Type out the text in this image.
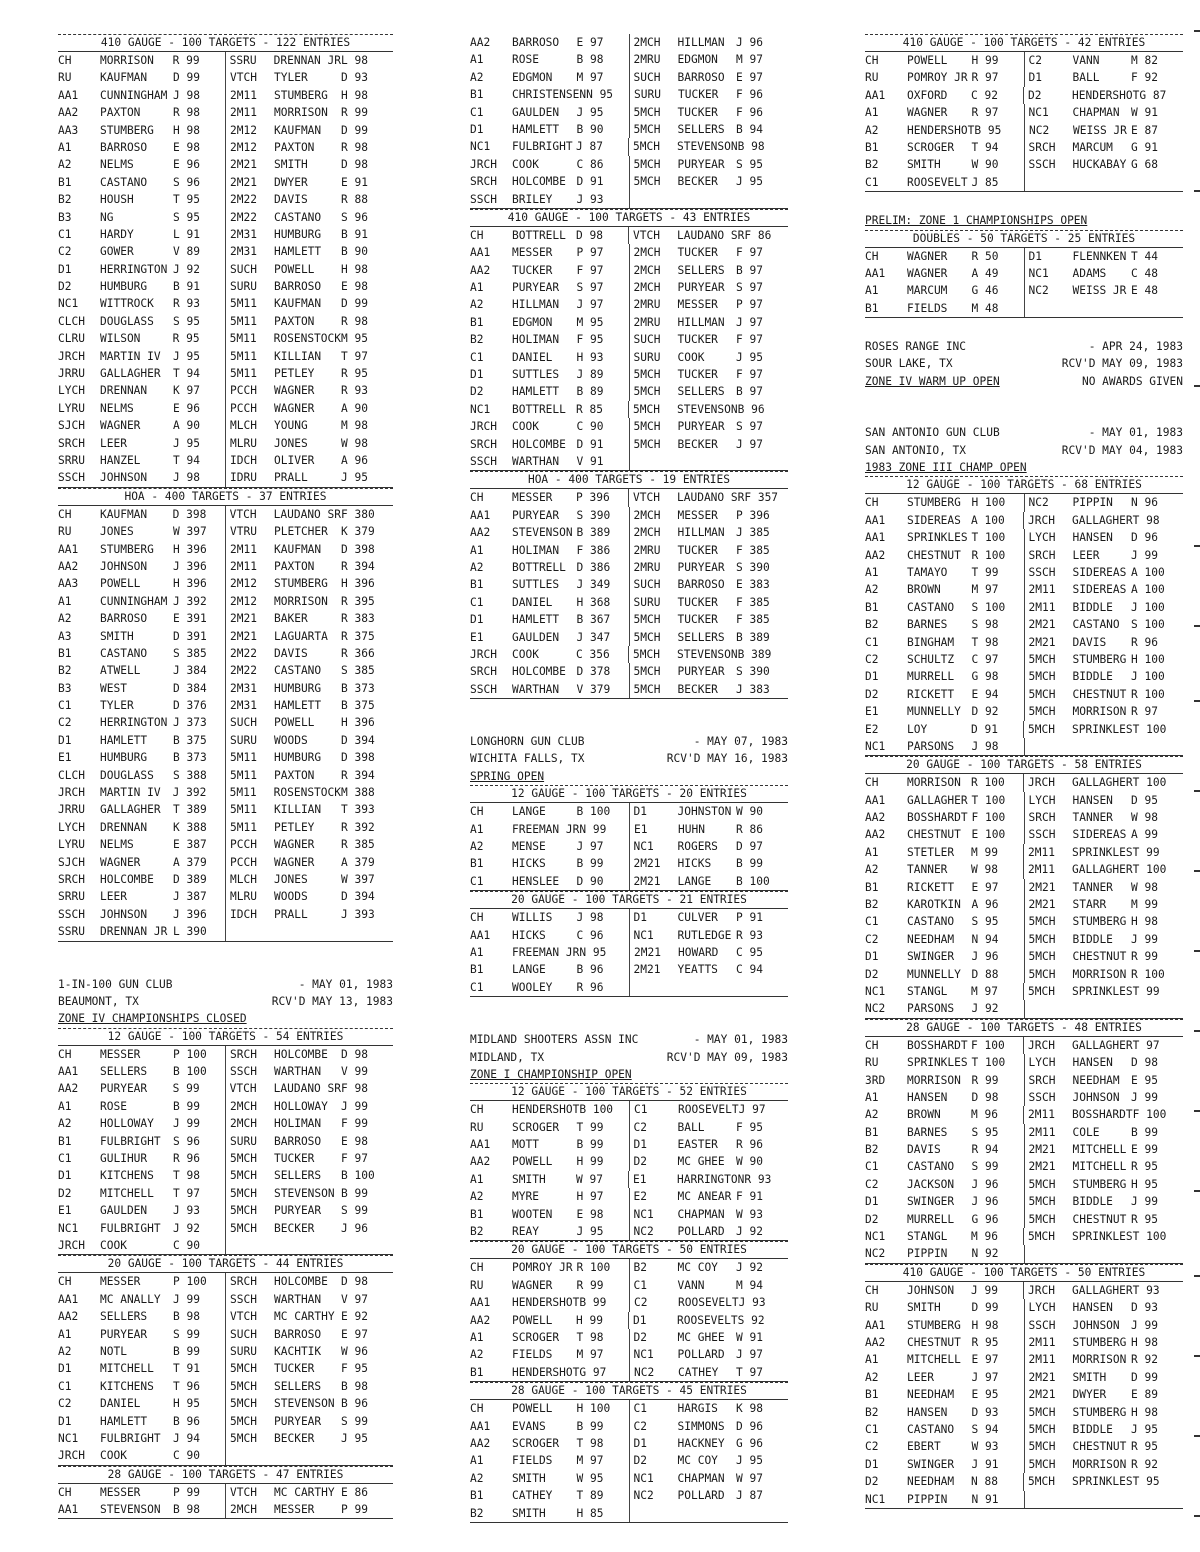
410 GAUGE - 100 TARGETS - 122 ENTRIES
CH	MORRISON	R 99	SSRU	DRENNAN JR L 98
RU	KAUFMAN	D 99	VTCH	TYLER	D 93
AA1	CUNNINGHAM J 98	2M11	STUMBERG	H 98
AA2	PAXTON	R 98	2M11	MORRISON	R 99
AA3	STUMBERG	H 98	2M12	KAUFMAN	D 99
A1	BARROSO	E 98	2M12	PAXTON	R 98
A2	NELMS	E 96	2M21	SMITH	D 98
B1	CASTANO	S 96	2M21	DWYER	E 91
B2	HOUSH	T 95	2M22	DAVIS	R 88
B3	NG	S 95	2M22	CASTANO	S 96
C1	HARDY	L 91	2M31	HUMBURG	B 91
C2	GOWER	V 89	2M31	HAMLETT	B 90
D1	HERRINGTON J 92	SUCH	POWELL	H 98
D2	HUMBURG	B 91	SURU	BARROSO	E 98
NC1	WITTROCK	R 93	5M11	KAUFMAN	D 99
CLCH	DOUGLASS	S 95	5M11	PAXTON	R 98
CLRU	WILSON	R 95	5M11	ROSENSTOCK M 95
JRCH	MARTIN IV	J 95	5M11	KILLIAN	T 97
JRRU	GALLAGHER	T 94	5M11	PETLEY	R 95
LYCH	DRENNAN	K 97	PCCH	WAGNER	R 93
LYRU	NELMS	E 96	PCCH	WAGNER	A 90
SJCH	WAGNER	A 90	MLCH	YOUNG	M 98
SRCH	LEER	J 95	MLRU	JONES	W 98
SRRU	HANZEL	T 94	IDCH	OLIVER	A 96
SSCH	JOHNSON	J 98	IDRU	PRALL	J 95
HOA - 400 TARGETS - 37 ENTRIES
CH	KAUFMAN	D 398	VTCH	LAUDANO SR F 380
RU	JONES	W 397	VTRU	PLETCHER	K 379
AA1	STUMBERG	H 396	2M11	KAUFMAN	D 398
AA2	JOHNSON	J 396	2M11	PAXTON	R 394
AA3	POWELL	H 396	2M12	STUMBERG	H 396
A1	CUNNINGHAM J 392	2M12	MORRISON	R 395
A2	BARROSO	E 391	2M21	BAKER	R 383
A3	SMITH	D 391	2M21	LAGUARTA	R 375
B1	CASTANO	S 385	2M22	DAVIS	R 366
B2	ATWELL	J 384	2M22	CASTANO	S 385
B3	WEST	D 384	2M31	HUMBURG	B 373
C1	TYLER	D 376	2M31	HAMLETT	B 375
C2	HERRINGTON J 373	SUCH	POWELL	H 396
D1	HAMLETT	B 375	SURU	WOODS	D 394
E1	HUMBURG	B 373	5M11	HUMBURG	D 398
CLCH	DOUGLASS	S 388	5M11	PAXTON	R 394
JRCH	MARTIN IV	J 392	5M11	ROSENSTOCK M 388
JRRU	GALLAGHER	T 389	5M11	KILLIAN	T 393
LYCH	DRENNAN	K 388	5M11	PETLEY	R 392
LYRU	NELMS	E 387	PCCH	WAGNER	R 385
SJCH	WAGNER	A 379	PCCH	WAGNER	A 379
SRCH	HOLCOMBE	D 389	MLCH	JONES	W 397
SRRU	LEER	J 387	MLRU	WOODS	D 394
SSCH	JOHNSON	J 396	IDCH	PRALL	J 393
SSRU	DRENNAN JR L 390
1-IN-100 GUN CLUB	- MAY 01, 1983
BEAUMONT, TX	RCV'D MAY 13, 1983
ZONE IV CHAMPIONSHIPS CLOSED
12 GAUGE - 100 TARGETS - 54 ENTRIES
CH	MESSER	P 100	SRCH	HOLCOMBE	D 98
AA1	SELLERS	B 100	SSCH	WARTHAN	V 99
AA2	PURYEAR	S 99	VTCH	LAUDANO SR F 98
A1	ROSE	B 99	2MCH	HOLLOWAY	J 99
A2	HOLLOWAY	J 99	2MCH	HOLIMAN	F 99
B1	FULBRIGHT	S 96	SURU	BARROSO	E 98
C1	GULIHUR	R 96	5MCH	TUCKER	F 97
D1	KITCHENS	T 98	5MCH	SELLERS	B 100
D2	MITCHELL	T 97	5MCH	STEVENSON B 99
E1	GAULDEN	J 93	5MCH	PURYEAR	S 99
NC1	FULBRIGHT	J 92	5MCH	BECKER	J 96
JRCH	COOK	C 90
20 GAUGE - 100 TARGETS - 44 ENTRIES
CH	MESSER	P 100	SRCH	HOLCOMBE	D 98
AA1	MC ANALLY	J 99	SSCH	WARTHAN	V 97
AA2	SELLERS	B 98	VTCH	MC CARTHY E 92
A1	PURYEAR	S 99	SUCH	BARROSO	E 97
A2	NOTL	B 99	SURU	KACHTIK	W 96
D1	MITCHELL	T 91	5MCH	TUCKER	F 95
C1	KITCHENS	T 96	5MCH	SELLERS	B 98
C2	DANIEL	H 95	5MCH	STEVENSON B 96
D1	HAMLETT	B 96	5MCH	PURYEAR	S 99
NC1	FULBRIGHT	J 94	5MCH	BECKER	J 95
JRCH	COOK	C 90
28 GAUGE - 100 TARGETS - 47 ENTRIES
CH	MESSER	P 99	VTCH	MC CARTHY E 86
AA1	STEVENSON	B 98	2MCH	MESSER	P 99
AA2	BARROSO	E 97	2MCH	HILLMAN	J 96
A1	ROSE	B 98	2MRU	EDGMON	M 97
A2	EDGMON	M 97	SUCH	BARROSO	E 97
B1	CHRISTENSEN N 95	SURU	TUCKER	F 96
C1	GAULDEN	J 95	5MCH	TUCKER	F 96
D1	HAMLETT	B 90	5MCH	SELLERS	B 94
NC1	FULBRIGHT J 87	5MCH	STEVENSON B 98
JRCH	COOK	C 86	5MCH	PURYEAR	S 95
SRCH	HOLCOMBE D 91	5MCH	BECKER	J 95
SSCH	BRILEY	J 93
410 GAUGE - 100 TARGETS - 43 ENTRIES
CH	BOTTRELL D 98	VTCH	LAUDANO SR F 86
AA1	MESSER	P 97	2MCH	TUCKER	F 97
AA2	TUCKER	F 97	2MCH	SELLERS	B 97
A1	PURYEAR	S 97	2MCH	PURYEAR	S 97
A2	HILLMAN	J 97	2MRU	MESSER	P 97
B1	EDGMON	M 95	2MRU	HILLMAN	J 97
B2	HOLIMAN	F 95	SUCH	TUCKER	F 97
C1	DANIEL	H 93	SURU	COOK	J 95
D1	SUTTLES	J 89	5MCH	TUCKER	F 97
D2	HAMLETT	B 89	5MCH	SELLERS	B 97
NC1	BOTTRELL R 85	5MCH	STEVENSON B 96
JRCH	COOK	C 90	5MCH	PURYEAR	S 97
SRCH	HOLCOMBE D 91	5MCH	BECKER	J 97
SSCH	WARTHAN	V 91
HOA - 400 TARGETS - 19 ENTRIES
CH	MESSER	P 396	VTCH	LAUDANO SR F 357
AA1	PURYEAR	S 390	2MCH	MESSER	P 396
AA2	STEVENSON B 389	2MCH	HILLMAN	J 385
A1	HOLIMAN	F 386	2MRU	TUCKER	F 385
A2	BOTTRELL D 386	2MRU	PURYEAR	S 390
B1	SUTTLES	J 349	SUCH	BARROSO	E 383
C1	DANIEL	H 368	SURU	TUCKER	F 385
D1	HAMLETT	B 367	5MCH	TUCKER	F 385
E1	GAULDEN	J 347	5MCH	SELLERS	B 389
JRCH	COOK	C 356	5MCH	STEVENSON B 389
SRCH	HOLCOMBE D 378	5MCH	PURYEAR	S 390
SSCH	WARTHAN	V 379	5MCH	BECKER	J 383
LONGHORN GUN CLUB	- MAY 07, 1983
WICHITA FALLS, TX	RCV'D MAY 16, 1983
SPRING OPEN
12 GAUGE - 100 TARGETS - 20 ENTRIES
CH	LANGE	B 100	D1	JOHNSTON W 90
A1	FREEMAN JR N 99	E1	HUHN	R 86
A2	MENSE	J 97	NC1	ROGERS	D 97
B1	HICKS	B 99	2M21	HICKS	B 99
C1	HENSLEE	D 90	2M21	LANGE	B 100
20 GAUGE - 100 TARGETS - 21 ENTRIES
CH	WILLIS	J 98	D1	CULVER	P 91
AA1	HICKS	C 96	NC1	RUTLEDGE R 93
A1	FREEMAN JR N 95	2M21	HOWARD	C 95
B1	LANGE	B 96	2M21	YEATTS	C 94
C1	WOOLEY	R 96
MIDLAND SHOOTERS ASSN INC	- MAY 01, 1983
MIDLAND, TX	RCV'D MAY 09, 1983
ZONE I CHAMPIONSHIP OPEN
12 GAUGE - 100 TARGETS - 52 ENTRIES
CH	HENDERSHOT B 100	C1	ROOSEVELT J 97
RU	SCROGER	T 99	C2	BALL	F 95
AA1	MOTT	B 99	D1	EASTER	R 96
AA2	POWELL	H 99	D2	MC GHEE	W 90
A1	SMITH	W 97	E1	HARRINGTON R 93
A2	MYRE	H 97	E2	MC ANEAR F 91
B1	WOOTEN	E 98	NC1	CHAPMAN	W 93
B2	REAY	J 95	NC2	POLLARD	J 92
20 GAUGE - 100 TARGETS - 50 ENTRIES
CH	POMROY JR R 100	B2	MC COY	J 92
RU	WAGNER	R 99	C1	VANN	M 94
AA1	HENDERSHOT B 99	C2	ROOSEVELT J 93
AA2	POWELL	H 99	D1	ROOSEVELT S 92
A1	SCROGER	T 98	D2	MC GHEE	W 91
A2	FIELDS	M 97	NC1	POLLARD	J 97
B1	HENDERSHOT G 97	NC2	CATHEY	T 97
28 GAUGE - 100 TARGETS - 45 ENTRIES
CH	POWELL	H 100	C1	HARGIS	K 98
AA1	EVANS	B 99	C2	SIMMONS	D 96
AA2	SCROGER	T 98	D1	HACKNEY	G 96
A1	FIELDS	M 97	D2	MC COY	J 95
A2	SMITH	W 95	NC1	CHAPMAN	W 97
B1	CATHEY	T 89	NC2	POLLARD	J 87
B2	SMITH	H 85
410 GAUGE - 100 TARGETS - 42 ENTRIES
CH	POWELL	H 99	C2	VANN	M 82
RU	POMROY JR R 97	D1	BALL	F 92
AA1	OXFORD	C 92	D2	HENDERSHOT G 87
A1	WAGNER	R 97	NC1	CHAPMAN	W 91
A2	HENDERSHOT B 95	NC2	WEISS JR E 87
B1	SCROGER	T 94	SRCH	MARCUM	G 91
B2	SMITH	W 90	SSCH	HUCKABAY G 68
C1	ROOSEVELT J 85
PRELIM: ZONE 1 CHAMPIONSHIPS OPEN
DOUBLES - 50 TARGETS - 25 ENTRIES
CH	WAGNER	R 50	D1	FLENNKEN T 44
AA1	WAGNER	A 49	NC1	ADAMS	C 48
A1	MARCUM	G 46	NC2	WEISS JR E 48
B1	FIELDS	M 48
ROSES RANGE INC	- APR 24, 1983
SOUR LAKE, TX	RCV'D MAY 09, 1983
ZONE IV WARM UP OPEN	NO AWARDS GIVEN
SAN ANTONIO GUN CLUB	- MAY 01, 1983
SAN ANTONIO, TX	RCV'D MAY 04, 1983
1983 ZONE III CHAMP OPEN
12 GAUGE - 100 TARGETS - 68 ENTRIES
CH	STUMBERG H 100	NC2	PIPPIN	N 96
AA1	SIDEREAS A 100	JRCH	GALLAGHER T 98
AA1	SPRINKLES T 100	LYCH	HANSEN	D 96
AA2	CHESTNUT R 100	SRCH	LEER	J 99
A1	TAMAYO	T 99	SSCH	SIDEREAS A 100
A2	BROWN	M 97	2M11	SIDEREAS A 100
B1	CASTANO	S 100	2M11	BIDDLE	J 100
B2	BARNES	S 98	2M21	CASTANO	S 100
C1	BINGHAM	T 98	2M21	DAVIS	R 96
C2	SCHULTZ	C 97	5MCH	STUMBERG H 100
D1	MURRELL	G 98	5MCH	BIDDLE	J 100
D2	RICKETT	E 94	5MCH	CHESTNUT R 100
E1	MUNNELLY D 92	5MCH	MORRISON R 97
E2	LOY	D 91	5MCH	SPRINKLES T 100
NC1	PARSONS	J 98
20 GAUGE - 100 TARGETS - 58 ENTRIES
CH	MORRISON R 100	JRCH	GALLAGHER T 100
AA1	GALLAGHER T 100	LYCH	HANSEN	D 95
AA2	BOSSHARDT F 100	SRCH	TANNER	W 98
AA2	CHESTNUT E 100	SSCH	SIDEREAS A 99
A1	STETLER	M 99	2M11	SPRINKLES T 99
A2	TANNER	W 98	2M11	GALLAGHER T 100
B1	RICKETT	E 97	2M21	TANNER	W 98
B2	KAROTKIN A 96	2M21	STARR	M 99
C1	CASTANO	S 95	5MCH	STUMBERG H 98
C2	NEEDHAM	N 94	5MCH	BIDDLE	J 99
D1	SWINGER	J 96	5MCH	CHESTNUT R 99
D2	MUNNELLY D 88	5MCH	MORRISON R 100
NC1	STANGL	M 97	5MCH	SPRINKLES T 99
NC2	PARSONS	J 92
28 GAUGE - 100 TARGETS - 48 ENTRIES
CH	BOSSHARDT F 100	JRCH	GALLAGHER T 97
RU	SPRINKLES T 100	LYCH	HANSEN	D 98
3RD	MORRISON R 99	SRCH	NEEDHAM	E 95
A1	HANSEN	D 98	SSCH	JOHNSON	J 99
A2	BROWN	M 96	2M11	BOSSHARDT F 100
B1	BARNES	S 95	2M11	COLE	B 99
B2	DAVIS	R 94	2M21	MITCHELL E 99
C1	CASTANO	S 99	2M21	MITCHELL R 95
C2	JACKSON	J 96	5MCH	STUMBERG H 95
D1	SWINGER	J 96	5MCH	BIDDLE	J 99
D2	MURRELL	G 96	5MCH	CHESTNUT R 95
NC1	STANGL	M 96	5MCH	SPRINKLES T 100
NC2	PIPPIN	N 92
410 GAUGE - 100 TARGETS - 50 ENTRIES
CH	JOHNSON	J 99	JRCH	GALLAGHER T 93
RU	SMITH	D 99	LYCH	HANSEN	D 93
AA1	STUMBERG H 98	SSCH	JOHNSON	J 99
AA2	CHESTNUT R 95	2M11	STUMBERG H 98
A1	MITCHELL E 97	2M11	MORRISON R 92
A2	LEER	J 97	2M21	SMITH	D 99
B1	NEEDHAM	E 95	2M21	DWYER	E 89
B2	HANSEN	D 93	5MCH	STUMBERG H 98
C1	CASTANO	S 94	5MCH	BIDDLE	J 95
C2	EBERT	W 93	5MCH	CHESTNUT R 95
D1	SWINGER	J 91	5MCH	MORRISON R 92
D2	NEEDHAM	N 88	5MCH	SPRINKLES T 95
NC1	PIPPIN	N 91
